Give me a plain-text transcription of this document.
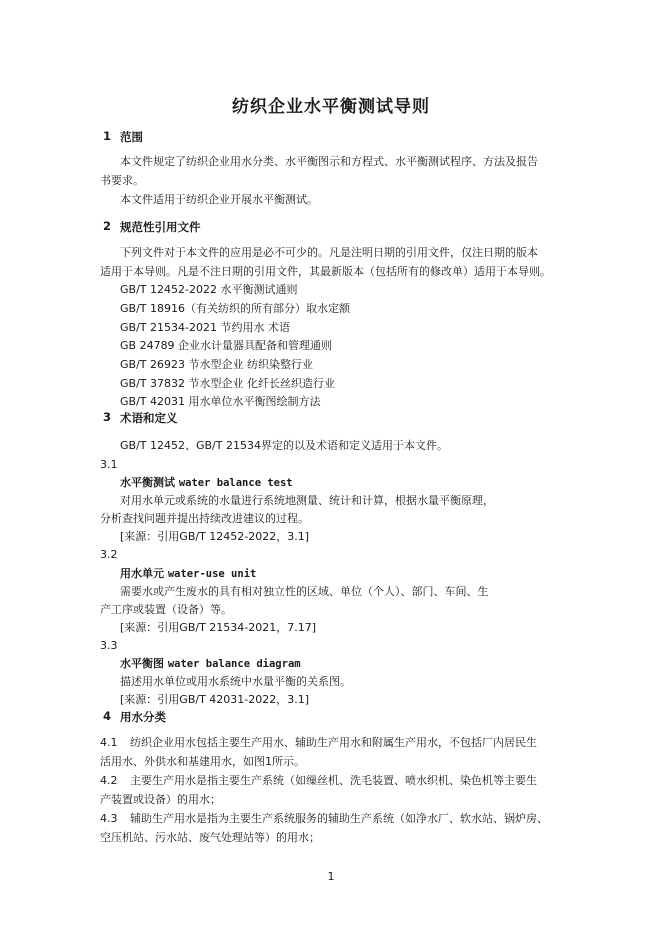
纺织企业水平衡测试导则
1 范围
本文件规定了纺织企业用水分类、水平衡图示和方程式、水平衡测试程序、方法及报告
书要求。
本文件适用于纺织企业开展水平衡测试。
2 规范性引用文件
下列文件对于本文件的应用是必不可少的。凡是注明日期的引用文件，仅注日期的版本
适用于本导则。凡是不注日期的引用文件，其最新版本（包括所有的修改单）适用于本导则。
GB/T 12452-2022 水平衡测试通则
GB/T 18916（有关纺织的所有部分）取水定额
GB/T 21534-2021 节约用水 术语
GB 24789 企业水计量器具配备和管理通则
GB/T 26923 节水型企业 纺织染整行业
GB/T 37832 节水型企业 化纤长丝织造行业
GB/T 42031 用水单位水平衡图绘制方法
3 术语和定义
GB/T 12452、GB/T 21534界定的以及术语和定义适用于本文件。
3.1
水平衡测试 water balance test
对用水单元或系统的水量进行系统地测量、统计和计算，根据水量平衡原理，
分析查找问题并提出持续改进建议的过程。
[来源：引用GB/T 12452-2022，3.1]
3.2
用水单元 water-use unit
需要水或产生废水的具有相对独立性的区域、单位（个人）、部门、车间、生
产工序或装置（设备）等。
[来源：引用GB/T 21534-2021，7.17]
3.3
水平衡图 water balance diagram
描述用水单位或用水系统中水量平衡的关系图。
[来源：引用GB/T 42031-2022，3.1]
4 用水分类
4.1 纺织企业用水包括主要生产用水、辅助生产用水和附属生产用水，不包括厂内居民生
活用水、外供水和基建用水，如图1所示。
4.2 主要生产用水是指主要生产系统（如缫丝机、洗毛装置、喷水织机、染色机等主要生
产装置或设备）的用水；
4.3 辅助生产用水是指为主要生产系统服务的辅助生产系统（如净水厂、软水站、锅炉房、
空压机站、污水站、废气处理站等）的用水；
1
